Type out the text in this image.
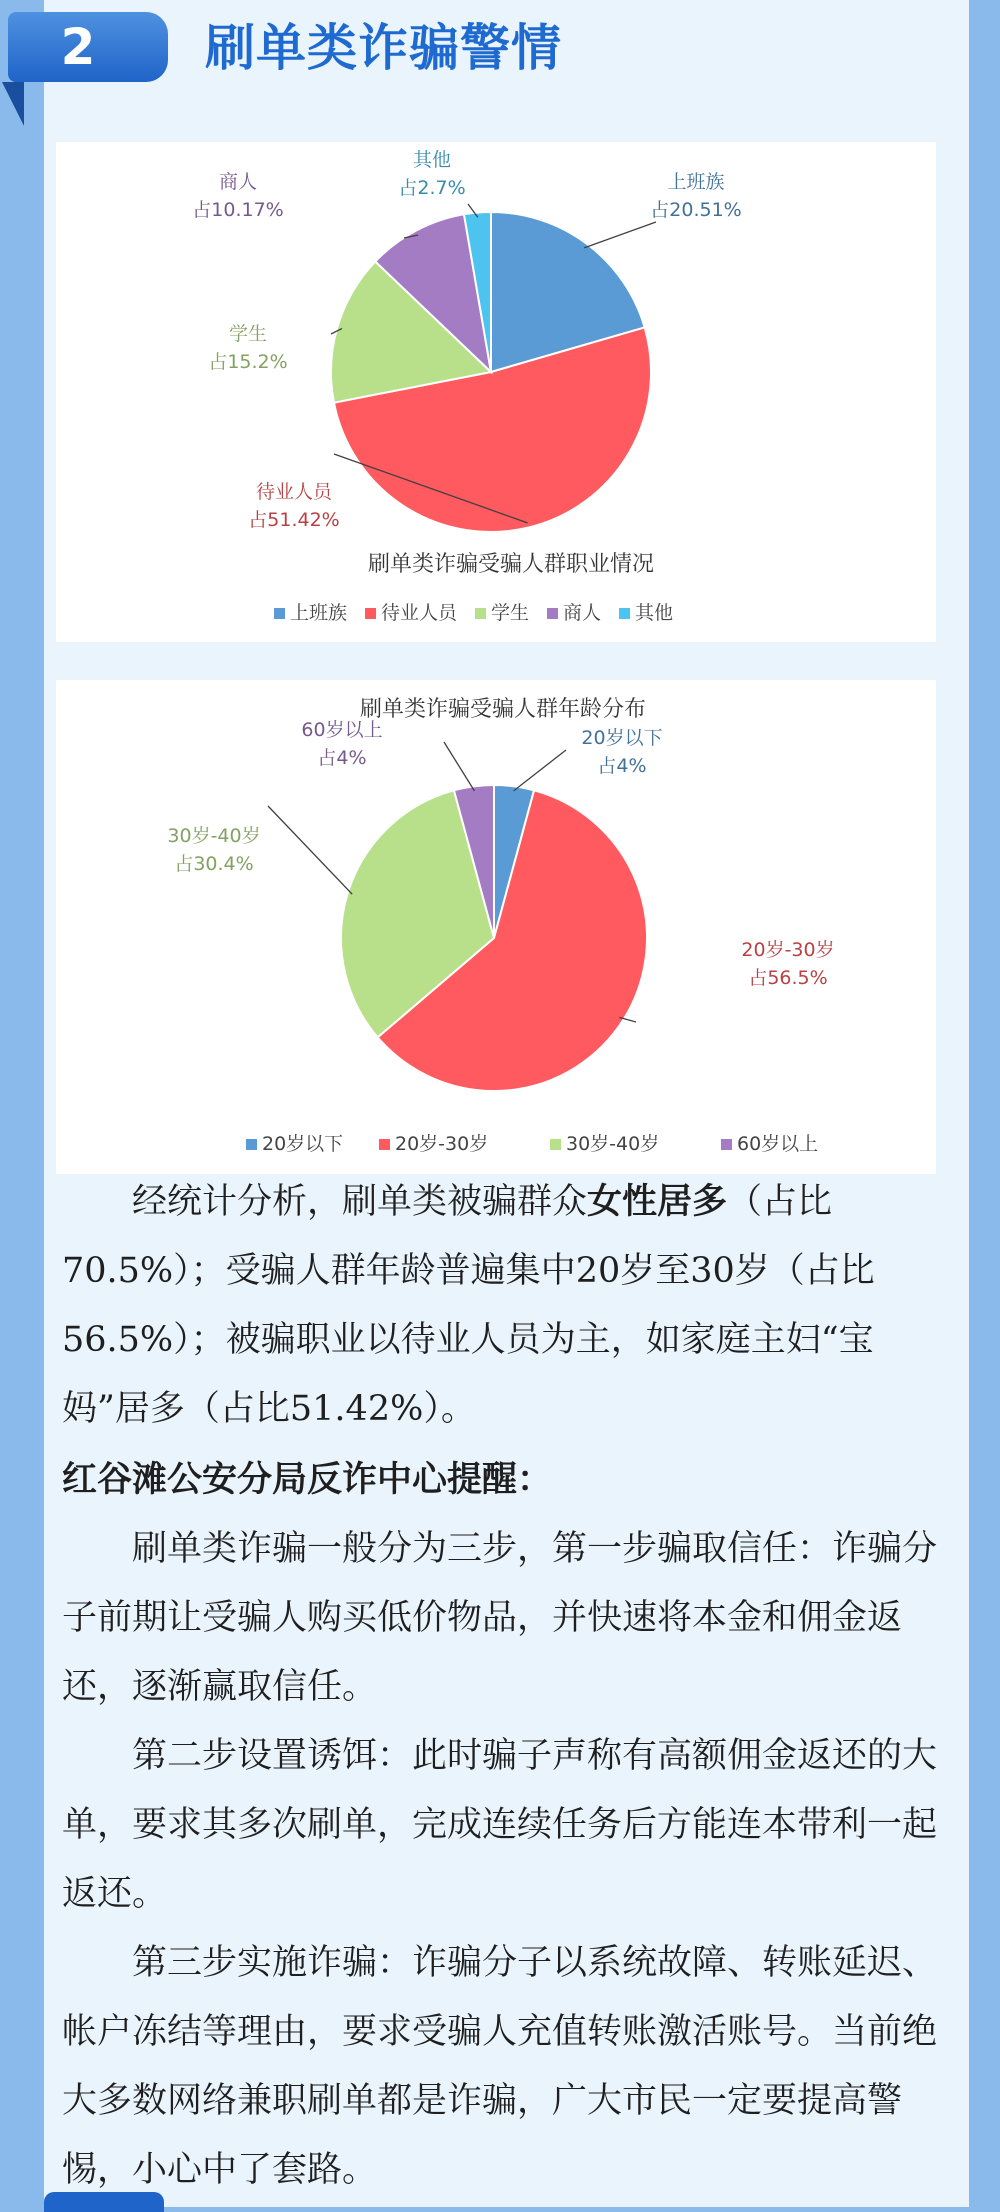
2	刷单类诈骗警情
上班族
占20.51%
待业人员
占51.42%
学生
占15.2%
商人
占10.17%
其他
占2.7%
刷单类诈骗受骗人群职业情况
上班族 待业人员 学生 商人 其他
20岁以下
占4%
20岁-30岁
占56.5%
30岁-40岁
占30.4%
60岁以上
占4%
刷单类诈骗受骗人群年龄分布
20岁以下	20岁-30岁	30岁-40岁	60岁以上

经统计分析，刷单类被骗群众女性居多（占比70.5%）；受骗人群年龄普遍集中20岁至30岁（占比56.5%）；被骗职业以待业人员为主，如家庭主妇“宝妈”居多（占比51.42%）。

红谷滩公安分局反诈中心提醒：

刷单类诈骗一般分为三步，第一步骗取信任：诈骗分子前期让受骗人购买低价物品，并快速将本金和佣金返还，逐渐赢取信任。

第二步设置诱饵：此时骗子声称有高额佣金返还的大单，要求其多次刷单，完成连续任务后方能连本带利一起返还。

第三步实施诈骗：诈骗分子以系统故障、转账延迟、帐户冻结等理由，要求受骗人充值转账激活账号。当前绝大多数网络兼职刷单都是诈骗，广大市民一定要提高警惕，小心中了套路。
